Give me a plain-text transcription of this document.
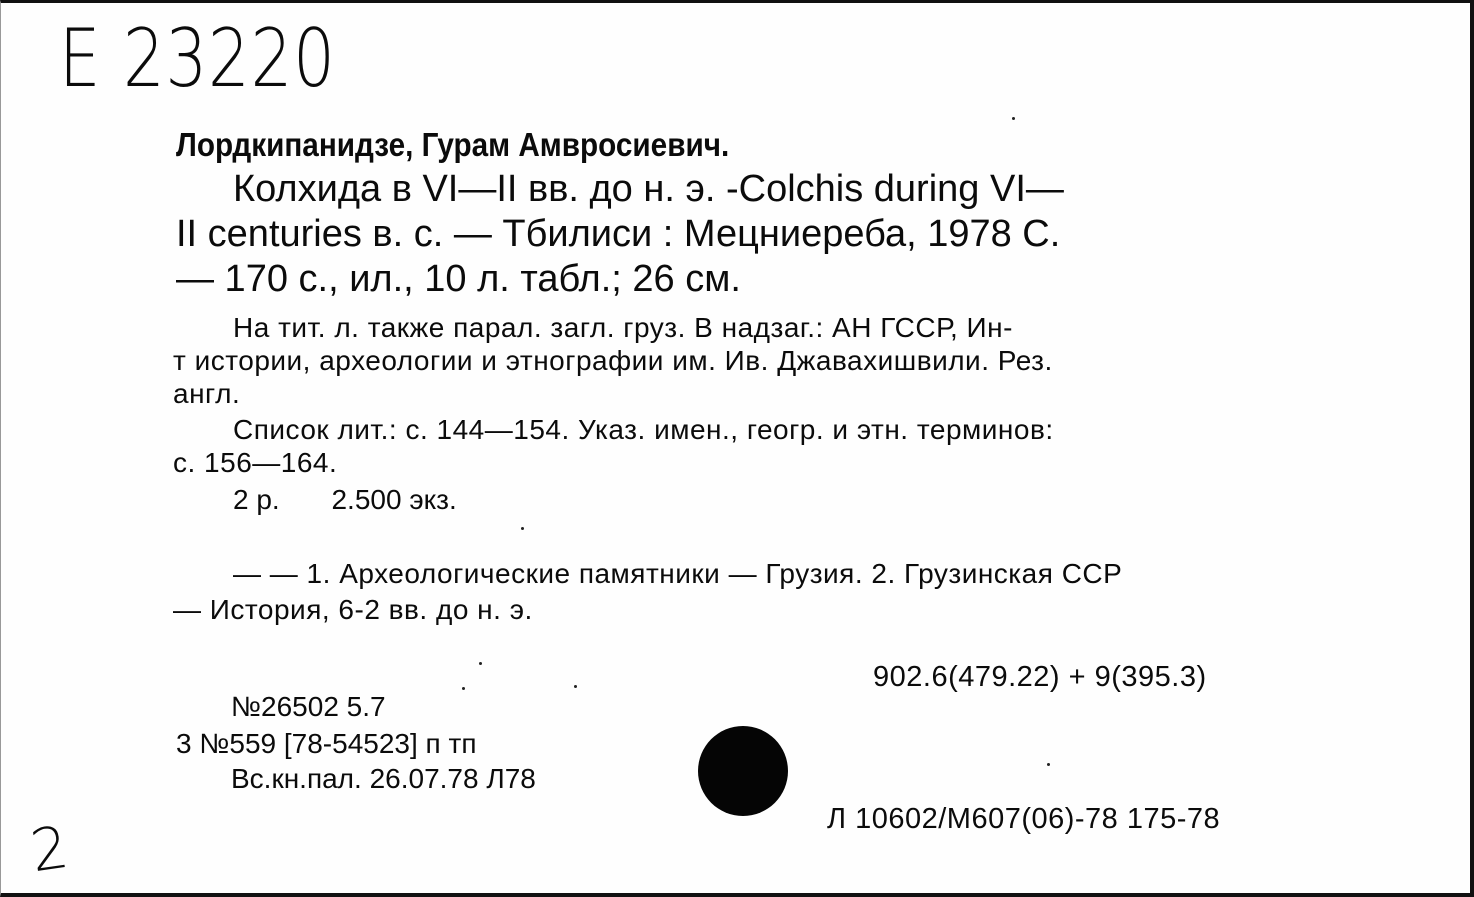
E 23220
Лордкипанидзе, Гурам Амвросиевич.
Колхида в VI—II вв. до н. э. -Colchis during VI—
II centuries в. с. — Тбилиси : Мецниереба, 1978 С.
— 170 с., ил., 10 л. табл.; 26 см.
На тит. л. также парал. загл. груз. В надзаг.: АН ГССР, Ин-
т истории, археологии и этнографии им. Ив. Джавахишвили. Рез.
англ.
Список лит.: с. 144—154. Указ. имен., геогр. и этн. терминов:
с. 156—164.
2 р. 2.500 экз.
— — 1. Археологические памятники — Грузия. 2. Грузинская ССР
— История, 6-2 вв. до н. э.
902.6(479.22) + 9(395.3)
№26502 5.7
3 №559 [78-54523] п тп
Вс.кн.пал. 26.07.78 Л78
Л 10602/М607(06)-78 175-78
2
